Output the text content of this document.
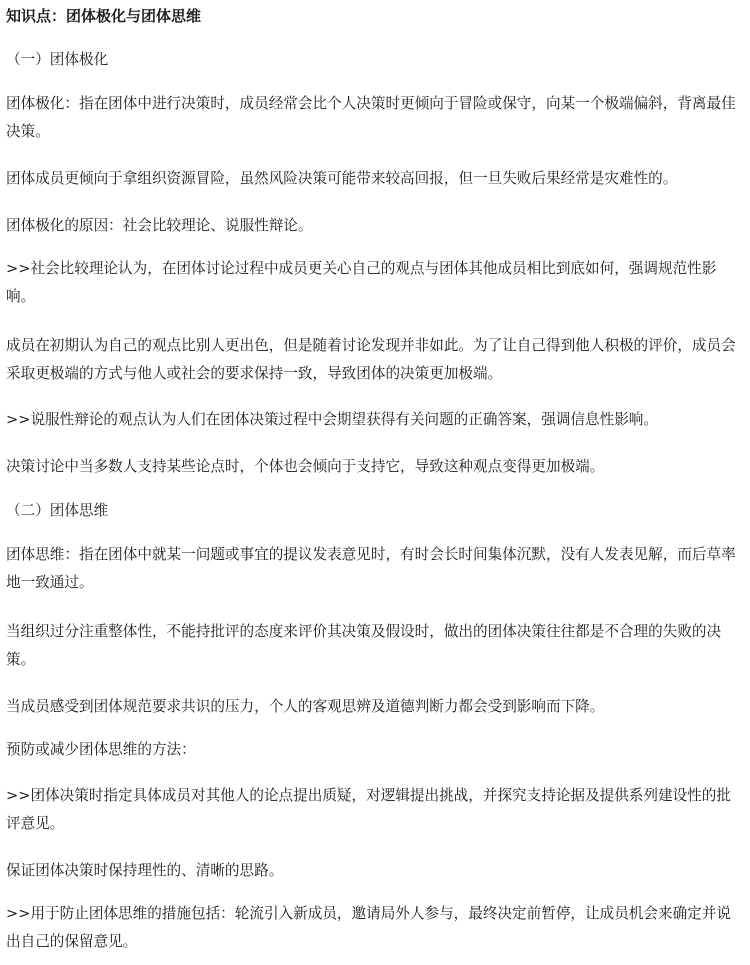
知识点：团体极化与团体思维

（一）团体极化

团体极化：指在团体中进行决策时，成员经常会比个人决策时更倾向于冒险或保守，向某一个极端偏斜，背离最佳决策。

团体成员更倾向于拿组织资源冒险，虽然风险决策可能带来较高回报，但一旦失败后果经常是灾难性的。

团体极化的原因：社会比较理论、说服性辩论。

>>社会比较理论认为，在团体讨论过程中成员更关心自己的观点与团体其他成员相比到底如何，强调规范性影响。

成员在初期认为自己的观点比别人更出色，但是随着讨论发现并非如此。为了让自己得到他人积极的评价，成员会采取更极端的方式与他人或社会的要求保持一致，导致团体的决策更加极端。

>>说服性辩论的观点认为人们在团体决策过程中会期望获得有关问题的正确答案，强调信息性影响。

决策讨论中当多数人支持某些论点时，个体也会倾向于支持它，导致这种观点变得更加极端。

（二）团体思维

团体思维：指在团体中就某一问题或事宜的提议发表意见时，有时会长时间集体沉默，没有人发表见解，而后草率地一致通过。

当组织过分注重整体性，不能持批评的态度来评价其决策及假设时，做出的团体决策往往都是不合理的失败的决策。

当成员感受到团体规范要求共识的压力，个人的客观思辨及道德判断力都会受到影响而下降。

预防或减少团体思维的方法：

>>团体决策时指定具体成员对其他人的论点提出质疑，对逻辑提出挑战，并探究支持论据及提供系列建设性的批评意见。

保证团体决策时保持理性的、清晰的思路。

>>用于防止团体思维的措施包括：轮流引入新成员，邀请局外人参与，最终决定前暂停，让成员机会来确定并说出自己的保留意见。
